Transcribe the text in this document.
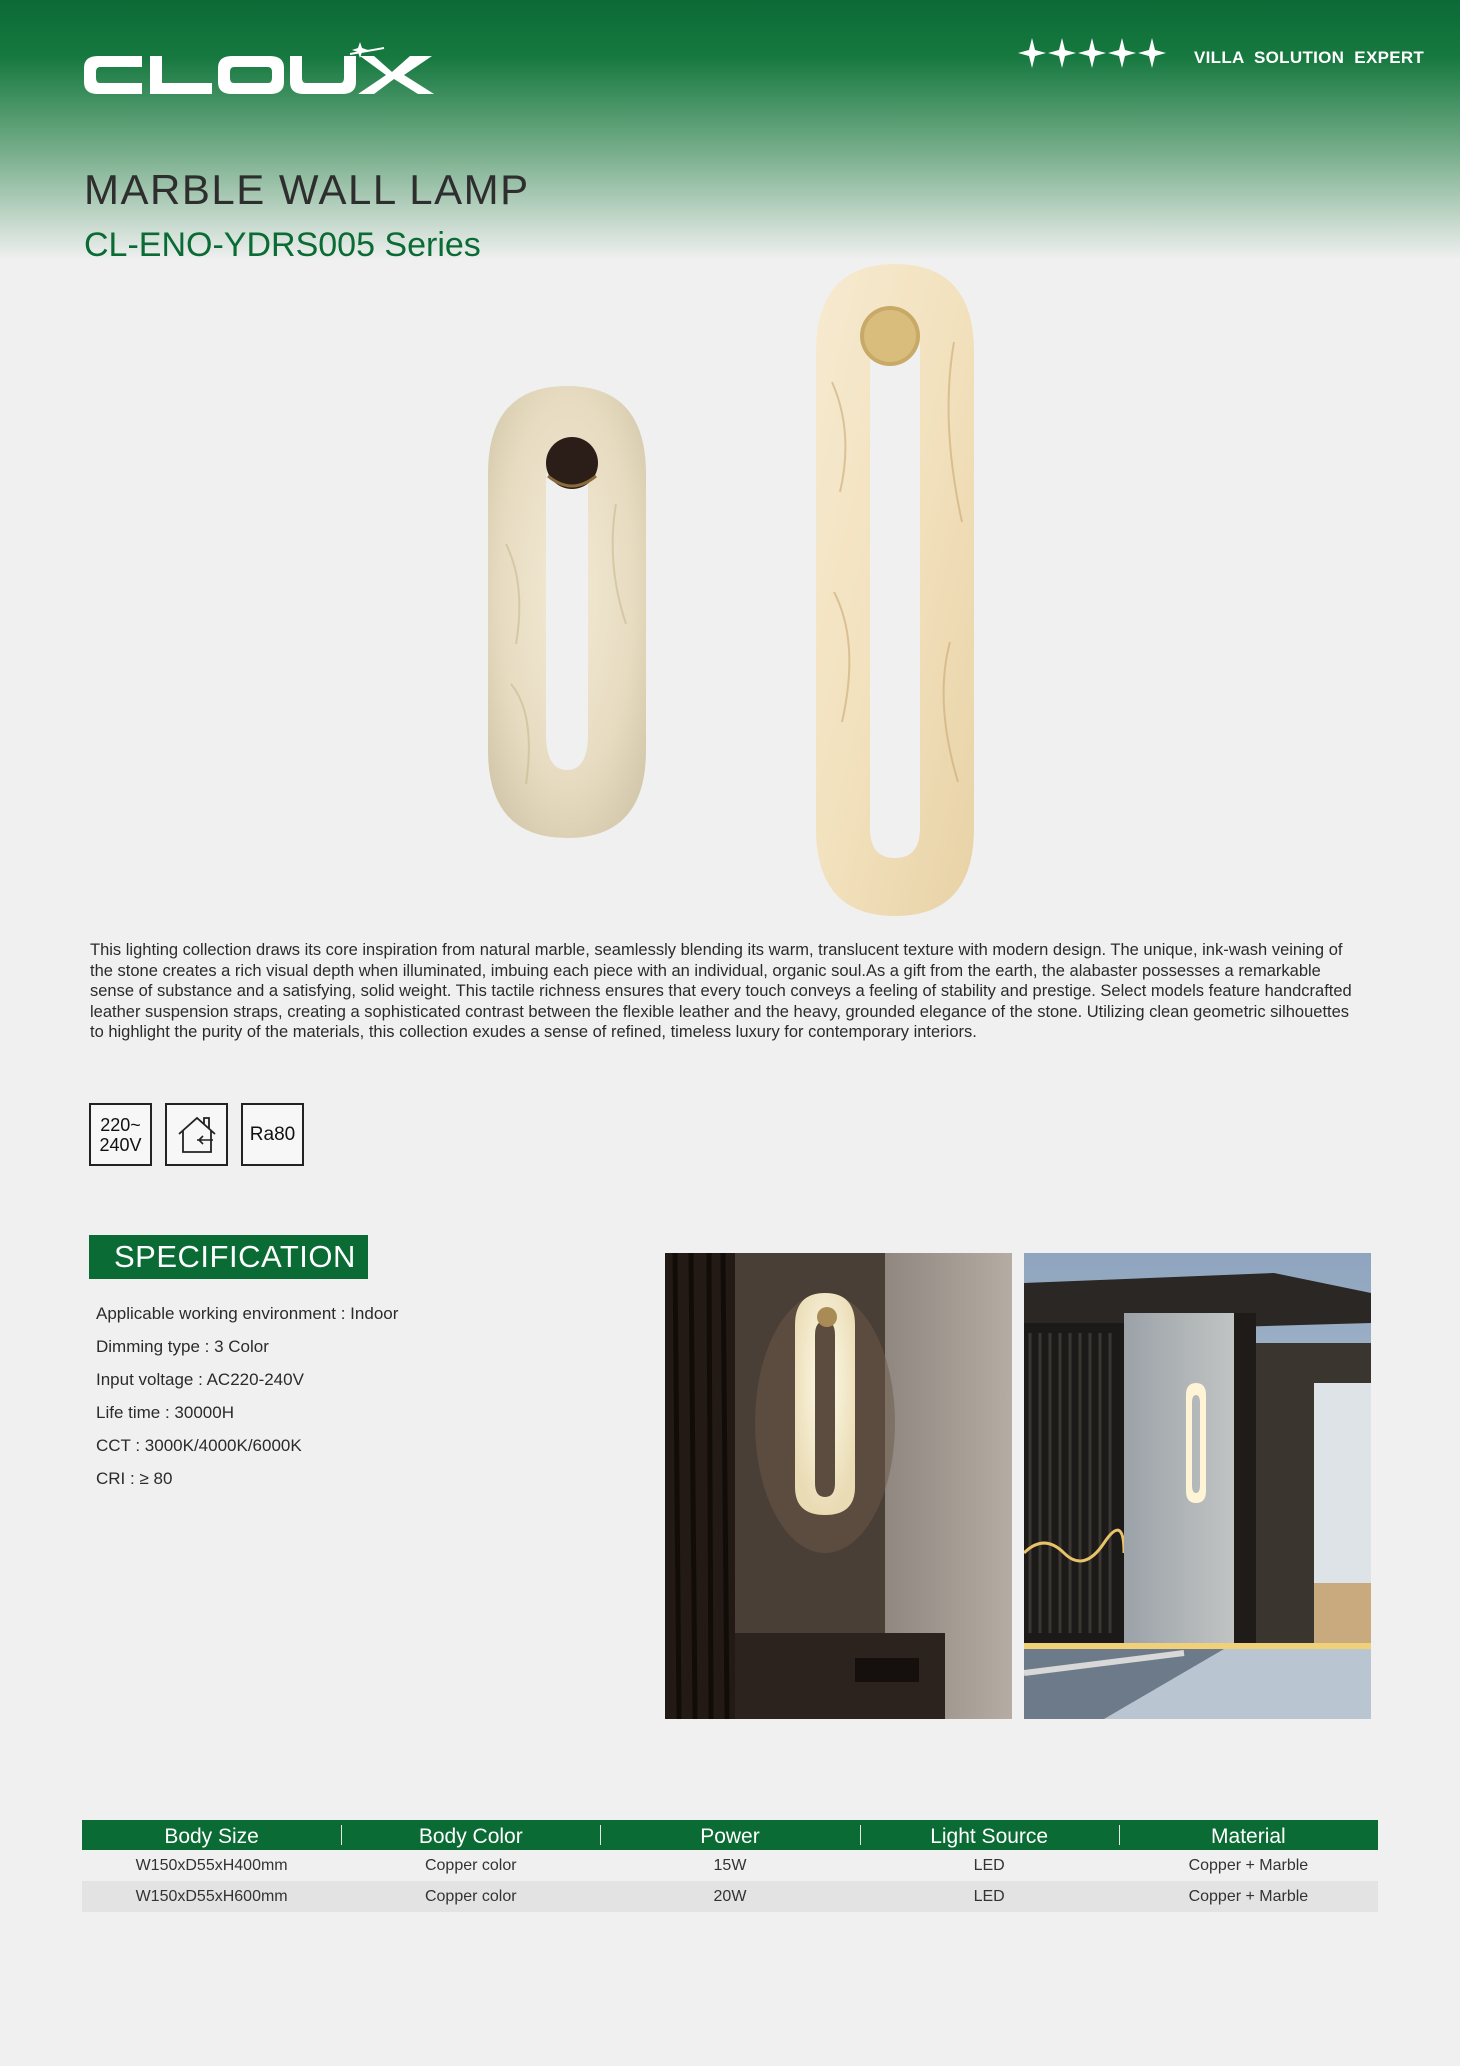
VILLA  SOLUTION  EXPERT
MARBLE WALL LAMP
CL-ENO-YDRS005 Series

This lighting collection draws its core inspiration from natural marble, seamlessly blending its warm, translucent texture with modern design. The unique, ink-wash veining of the stone creates a rich visual depth when illuminated, imbuing each piece with an individual, organic soul.As a gift from the earth, the alabaster possesses a remarkable sense of substance and a satisfying, solid weight. This tactile richness ensures that every touch conveys a feeling of stability and prestige. Select models feature handcrafted leather suspension straps, creating a sophisticated contrast between the flexible leather and the heavy, grounded elegance of the stone. Utilizing clean geometric silhouettes to highlight the purity of the materials, this collection exudes a sense of refined, timeless luxury for contemporary interiors.

220~
240V	Ra80
SPECIFICATION
Applicable working environment : Indoor
Dimming type : 3 Color
Input voltage : AC220-240V
Life time : 30000H
CCT : 3000K/4000K/6000K
CRI : ≥ 80
Body Size	Body Color	Power	Light Source	Material
W150xD55xH400mm	Copper color	15W	LED	Copper + Marble
W150xD55xH600mm	Copper color	20W	LED	Copper + Marble
